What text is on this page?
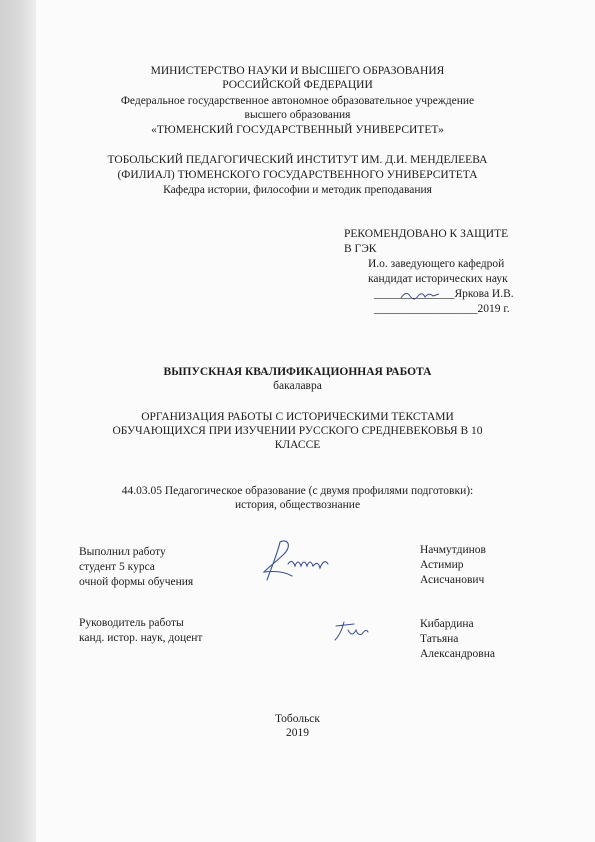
МИНИСТЕРСТВО НАУКИ И ВЫСШЕГО ОБРАЗОВАНИЯ
РОССИЙСКОЙ ФЕДЕРАЦИИ
Федеральное государственное автономное образовательное учреждение
высшего образования
«ТЮМЕНСКИЙ ГОСУДАРСТВЕННЫЙ УНИВЕРСИТЕТ»
ТОБОЛЬСКИЙ ПЕДАГОГИЧЕСКИЙ ИНСТИТУТ ИМ. Д.И. МЕНДЕЛЕЕВА
(ФИЛИАЛ) ТЮМЕНСКОГО ГОСУДАРСТВЕННОГО УНИВЕРСИТЕТА
Кафедра истории, философии и методик преподавания
РЕКОМЕНДОВАНО К ЗАЩИТЕ
В ГЭК
И.о. заведующего кафедрой
кандидат исторических наук
______________Яркова И.В.
__________________2019 г.
ВЫПУСКНАЯ КВАЛИФИКАЦИОННАЯ РАБОТА
бакалавра
ОРГАНИЗАЦИЯ РАБОТЫ С ИСТОРИЧЕСКИМИ ТЕКСТАМИ
ОБУЧАЮЩИХСЯ ПРИ ИЗУЧЕНИИ РУССКОГО СРЕДНЕВЕКОВЬЯ В 10
КЛАССЕ
44.03.05 Педагогическое образование (с двумя профилями подготовки):
история, обществознание
Выполнил работу
студент 5 курса
очной формы обучения
Начмутдинов
Астимир
Асисчанович
Руководитель работы
канд. истор. наук, доцент
Кибардина
Татьяна
Александровна
Тобольск
2019
